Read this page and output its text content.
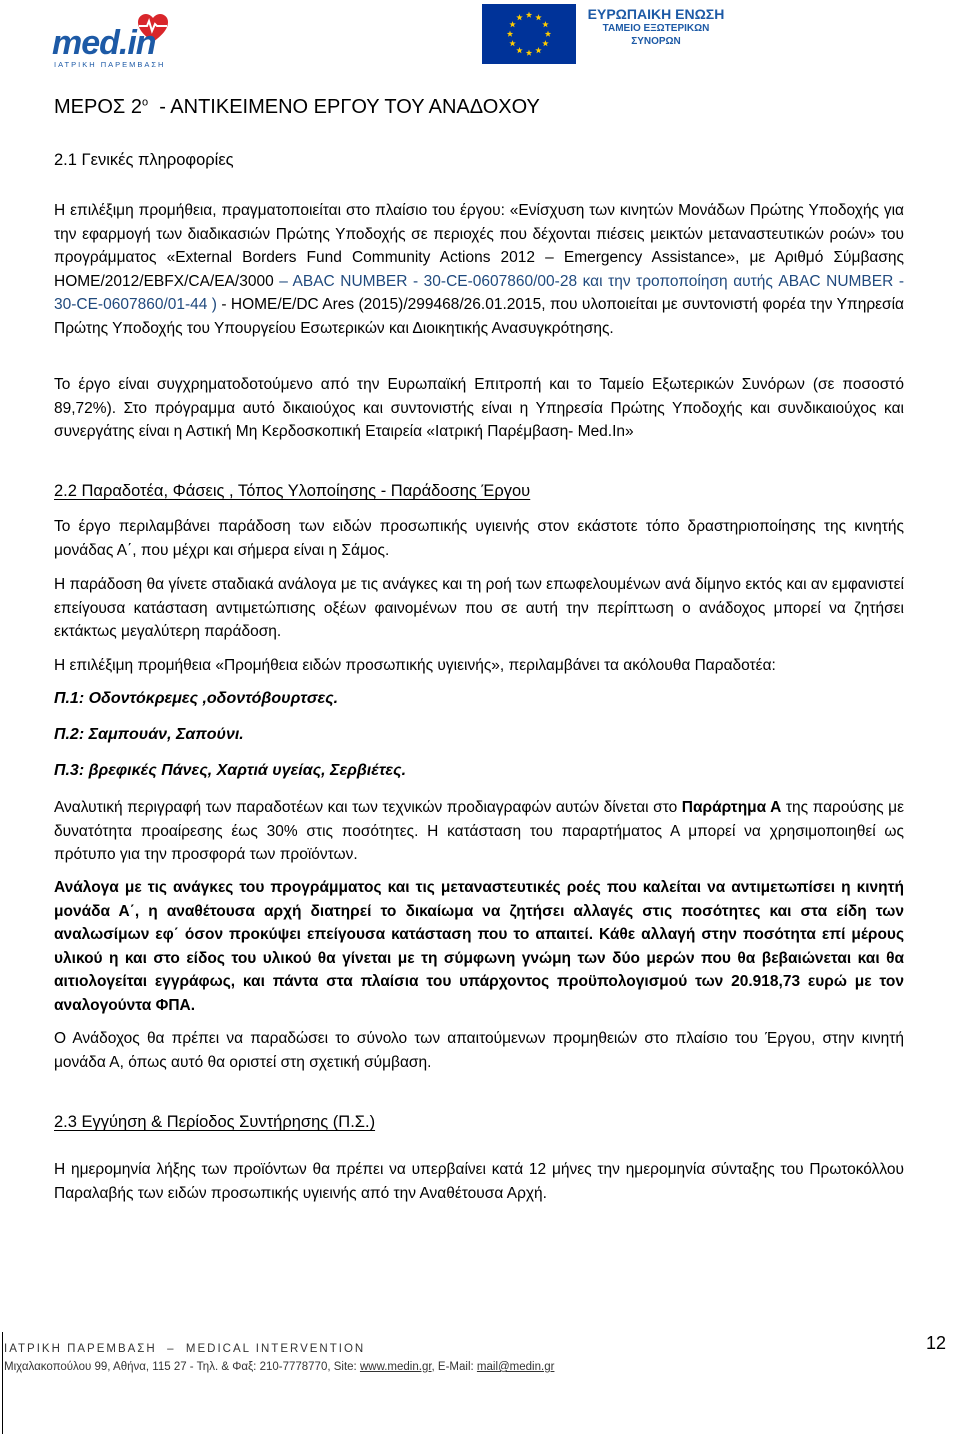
med.in
ΙΑΤΡΙΚΗ ΠΑΡΕΜΒΑΣΗ
ΕΥΡΩΠΑΙΚΗ ΕΝΩΣΗ
ΤΑΜΕΙΟ ΕΞΩΤΕΡΙΚΩΝ
ΣΥΝΟΡΩΝ
ΜΕΡΟΣ $2^o$  - ΑΝΤΙΚΕΙΜΕΝΟ ΕΡΓΟΥ ΤΟΥ ΑΝΑΔΟΧΟΥ
2.1 Γενικές πληροφορίες
Η επιλέξιμη προμήθεια, πραγματοποιείται στο πλαίσιο του έργου: «Ενίσχυση των κινητών Μονάδων Πρώτης Υποδοχής για την εφαρμογή των διαδικασιών Πρώτης Υποδοχής σε περιοχές που δέχονται πιέσεις μεικτών μεταναστευτικών ροών» του προγράμματος «External Borders Fund Community Actions 2012 – Emergency Assistance», με Αριθμό Σύμβασης HOME/2012/EBFX/CA/EA/3000 – ABAC NUMBER - 30-CE-0607860/00-28 και την τροποποίηση αυτής ABAC NUMBER - 30-CE-0607860/01-44 ) - HOME/E/DC Ares (2015)/299468/26.01.2015, που υλοποιείται με συντονιστή φορέα την Υπηρεσία Πρώτης Υποδοχής του Υπουργείου Εσωτερικών και Διοικητικής Ανασυγκρότησης.
Το έργο είναι συγχρηματοδοτούμενο από την Ευρωπαϊκή Επιτροπή και το Ταμείο Εξωτερικών Συνόρων (σε ποσοστό 89,72%). Στο πρόγραμμα αυτό δικαιούχος και συντονιστής είναι η Υπηρεσία Πρώτης Υποδοχής και συνδικαιούχος και συνεργάτης είναι η Αστική Μη Κερδοσκοπική Εταιρεία «Ιατρική Παρέμβαση- Med.In»
2.2 Παραδοτέα, Φάσεις , Τόπος Υλοποίησης - Παράδοσης Έργου
Το έργο περιλαμβάνει παράδοση των ειδών προσωπικής υγιεινής στον εκάστοτε τόπο δραστηριοποίησης της κινητής μονάδας Α΄, που μέχρι και σήμερα είναι η Σάμος.
Η παράδοση θα γίνετε σταδιακά ανάλογα με τις ανάγκες και τη ροή των επωφελουμένων ανά δίμηνο εκτός και αν εμφανιστεί επείγουσα κατάσταση αντιμετώπισης οξέων φαινομένων που σε αυτή την περίπτωση ο ανάδοχος μπορεί να ζητήσει εκτάκτως μεγαλύτερη παράδοση.
Η επιλέξιμη προμήθεια «Προμήθεια ειδών προσωπικής υγιεινής», περιλαμβάνει τα ακόλουθα Παραδοτέα:
Π.1: Οδοντόκρεμες ,οδοντόβουρτσες.
Π.2: Σαμπουάν, Σαπούνι.
Π.3: βρεφικές Πάνες, Χαρτιά υγείας, Σερβιέτες.
Αναλυτική περιγραφή των παραδοτέων και των τεχνικών προδιαγραφών αυτών δίνεται στο Παράρτημα Α της παρούσης με δυνατότητα προαίρεσης έως 30% στις ποσότητες. Η κατάσταση του παραρτήματος Α μπορεί να χρησιμοποιηθεί ως πρότυπο για την προσφορά των προϊόντων.
Ανάλογα με τις ανάγκες του προγράμματος και τις μεταναστευτικές ροές που καλείται να αντιμετωπίσει η κινητή μονάδα Α΄, η αναθέτουσα αρχή διατηρεί το δικαίωμα να ζητήσει αλλαγές στις ποσότητες και στα είδη των αναλωσίμων εφ΄ όσον προκύψει επείγουσα κατάσταση που το απαιτεί. Κάθε αλλαγή στην ποσότητα επί μέρους υλικού η και στο είδος του υλικού θα γίνεται με τη σύμφωνη γνώμη των δύο μερών που θα βεβαιώνεται και θα αιτιολογείται εγγράφως, και πάντα στα πλαίσια του υπάρχοντος προϋπολογισμού των 20.918,73 ευρώ με τον αναλογούντα ΦΠΑ.
Ο Ανάδοχος θα πρέπει να παραδώσει το σύνολο των απαιτούμενων προμηθειών στο πλαίσιο του Έργου, στην κινητή μονάδα Α, όπως αυτό θα οριστεί στη σχετική σύμβαση.
2.3 Εγγύηση & Περίοδος Συντήρησης (Π.Σ.)
Η ημερομηνία λήξης των προϊόντων θα πρέπει να υπερβαίνει κατά 12 μήνες την ημερομηνία σύνταξης του Πρωτοκόλλου Παραλαβής των ειδών προσωπικής υγιεινής από την Αναθέτουσα Αρχή.
ΙΑΤΡΙΚΗ ΠΑΡΕΜΒΑΣΗ  –  MEDICAL INTERVENTION
Μιχαλακοπούλου 99, Αθήνα, 115 27 - Τηλ. & Φαξ: 210-7778770, Site: www.medin.gr, E-Mail: mail@medin.gr
12
